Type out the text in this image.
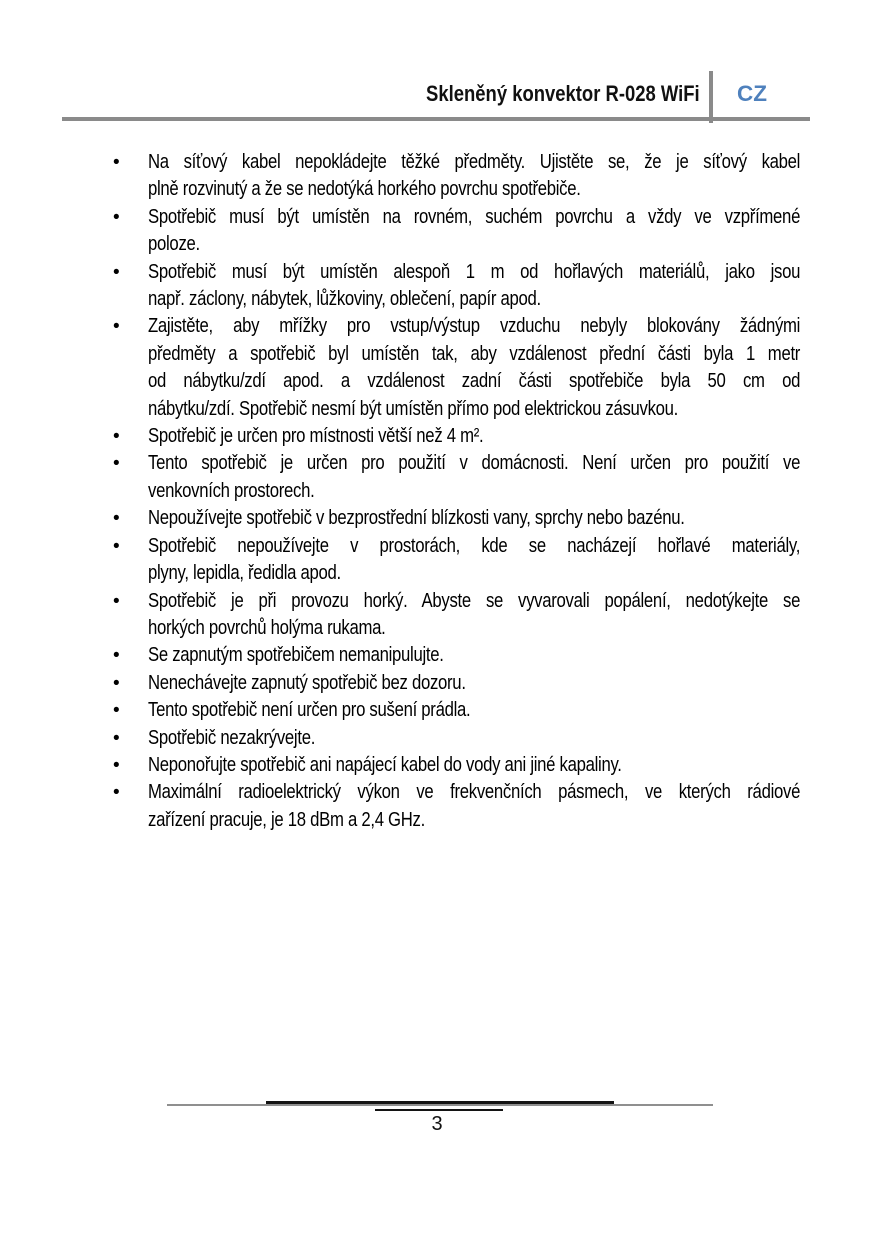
Skleněný konvektor R-028 WiFi CZ
• Na síťový kabel nepokládejte těžké předměty. Ujistěte se, že je síťový kabel
plně rozvinutý a že se nedotýká horkého povrchu spotřebiče.
• Spotřebič musí být umístěn na rovném, suchém povrchu a vždy ve vzpřímené
poloze.
• Spotřebič musí být umístěn alespoň 1 m od hořlavých materiálů, jako jsou
např. záclony, nábytek, lůžkoviny, oblečení, papír apod.
• Zajistěte, aby mřížky pro vstup/výstup vzduchu nebyly blokovány žádnými
předměty a spotřebič byl umístěn tak, aby vzdálenost přední části byla 1 metr
od nábytku/zdí apod. a vzdálenost zadní části spotřebiče byla 50 cm od
nábytku/zdí. Spotřebič nesmí být umístěn přímo pod elektrickou zásuvkou.
• Spotřebič je určen pro místnosti větší než 4 m².
• Tento spotřebič je určen pro použití v domácnosti. Není určen pro použití ve
venkovních prostorech.
• Nepoužívejte spotřebič v bezprostřední blízkosti vany, sprchy nebo bazénu.
• Spotřebič nepoužívejte v prostorách, kde se nacházejí hořlavé materiály,
plyny, lepidla, ředidla apod.
• Spotřebič je při provozu horký. Abyste se vyvarovali popálení, nedotýkejte se
horkých povrchů holýma rukama.
• Se zapnutým spotřebičem nemanipulujte.
• Nenechávejte zapnutý spotřebič bez dozoru.
• Tento spotřebič není určen pro sušení prádla.
• Spotřebič nezakrývejte.
• Neponořujte spotřebič ani napájecí kabel do vody ani jiné kapaliny.
• Maximální radioelektrický výkon ve frekvenčních pásmech, ve kterých rádiové
zařízení pracuje, je 18 dBm a 2,4 GHz.
3
